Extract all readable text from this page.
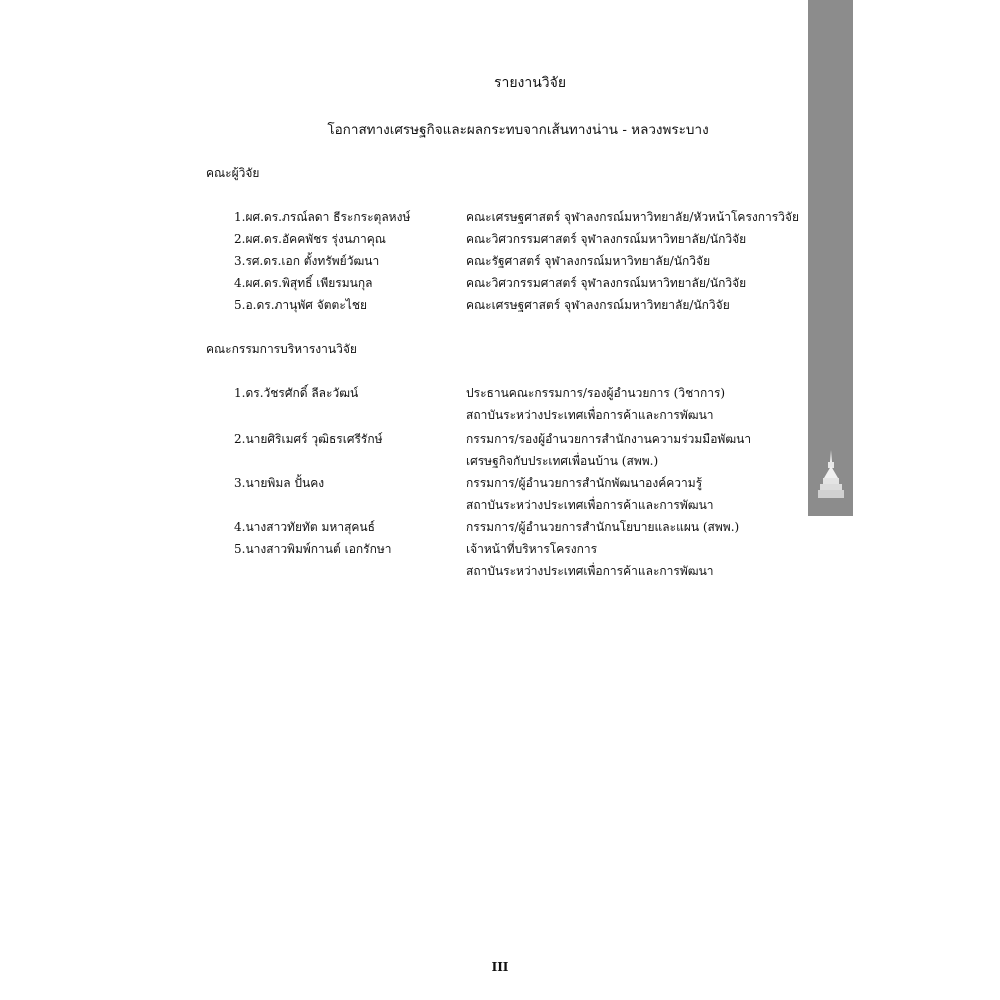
รายงานวิจัย
โอกาสทางเศรษฐกิจและผลกระทบจากเส้นทางน่าน - หลวงพระบาง

คณะผู้วิจัย

1.ผศ.ดร.ภรณ์ลดา ธีระกระตุลหงษ์	คณะเศรษฐศาสตร์ จุฬาลงกรณ์มหาวิทยาลัย/หัวหน้าโครงการวิจัย
2.ผศ.ดร.อัคคพัชร รุ่งนภาคุณ	คณะวิศวกรรมศาสตร์ จุฬาลงกรณ์มหาวิทยาลัย/นักวิจัย
3.รศ.ดร.เอก ตั้งทรัพย์วัฒนา	คณะรัฐศาสตร์ จุฬาลงกรณ์มหาวิทยาลัย/นักวิจัย
4.ผศ.ดร.พิสุทธิ์ เพียรมนกุล	คณะวิศวกรรมศาสตร์ จุฬาลงกรณ์มหาวิทยาลัย/นักวิจัย
5.อ.ดร.ภานุพัศ จัตตะไชย	คณะเศรษฐศาสตร์ จุฬาลงกรณ์มหาวิทยาลัย/นักวิจัย

คณะกรรมการบริหารงานวิจัย

1.ดร.วัชรศักดิ์ ลีละวัฒน์	ประธานคณะกรรมการ/รองผู้อำนวยการ (วิชาการ)
สถาบันระหว่างประเทศเพื่อการค้าและการพัฒนา
2.นายศิริเมศร์ วุฒิธรเศรีรักษ์	กรรมการ/รองผู้อำนวยการสำนักงานความร่วมมือพัฒนา
เศรษฐกิจกับประเทศเพื่อนบ้าน (สพพ.)
3.นายพิมล ปั้นคง	กรรมการ/ผู้อำนวยการสำนักพัฒนาองค์ความรู้
สถาบันระหว่างประเทศเพื่อการค้าและการพัฒนา
4.นางสาวทัยทัต มหาสุคนธ์	กรรมการ/ผู้อำนวยการสำนักนโยบายและแผน (สพพ.)
5.นางสาวพิมพ์กานต์ เอกรักษา	เจ้าหน้าที่บริหารโครงการ
สถาบันระหว่างประเทศเพื่อการค้าและการพัฒนา
III
